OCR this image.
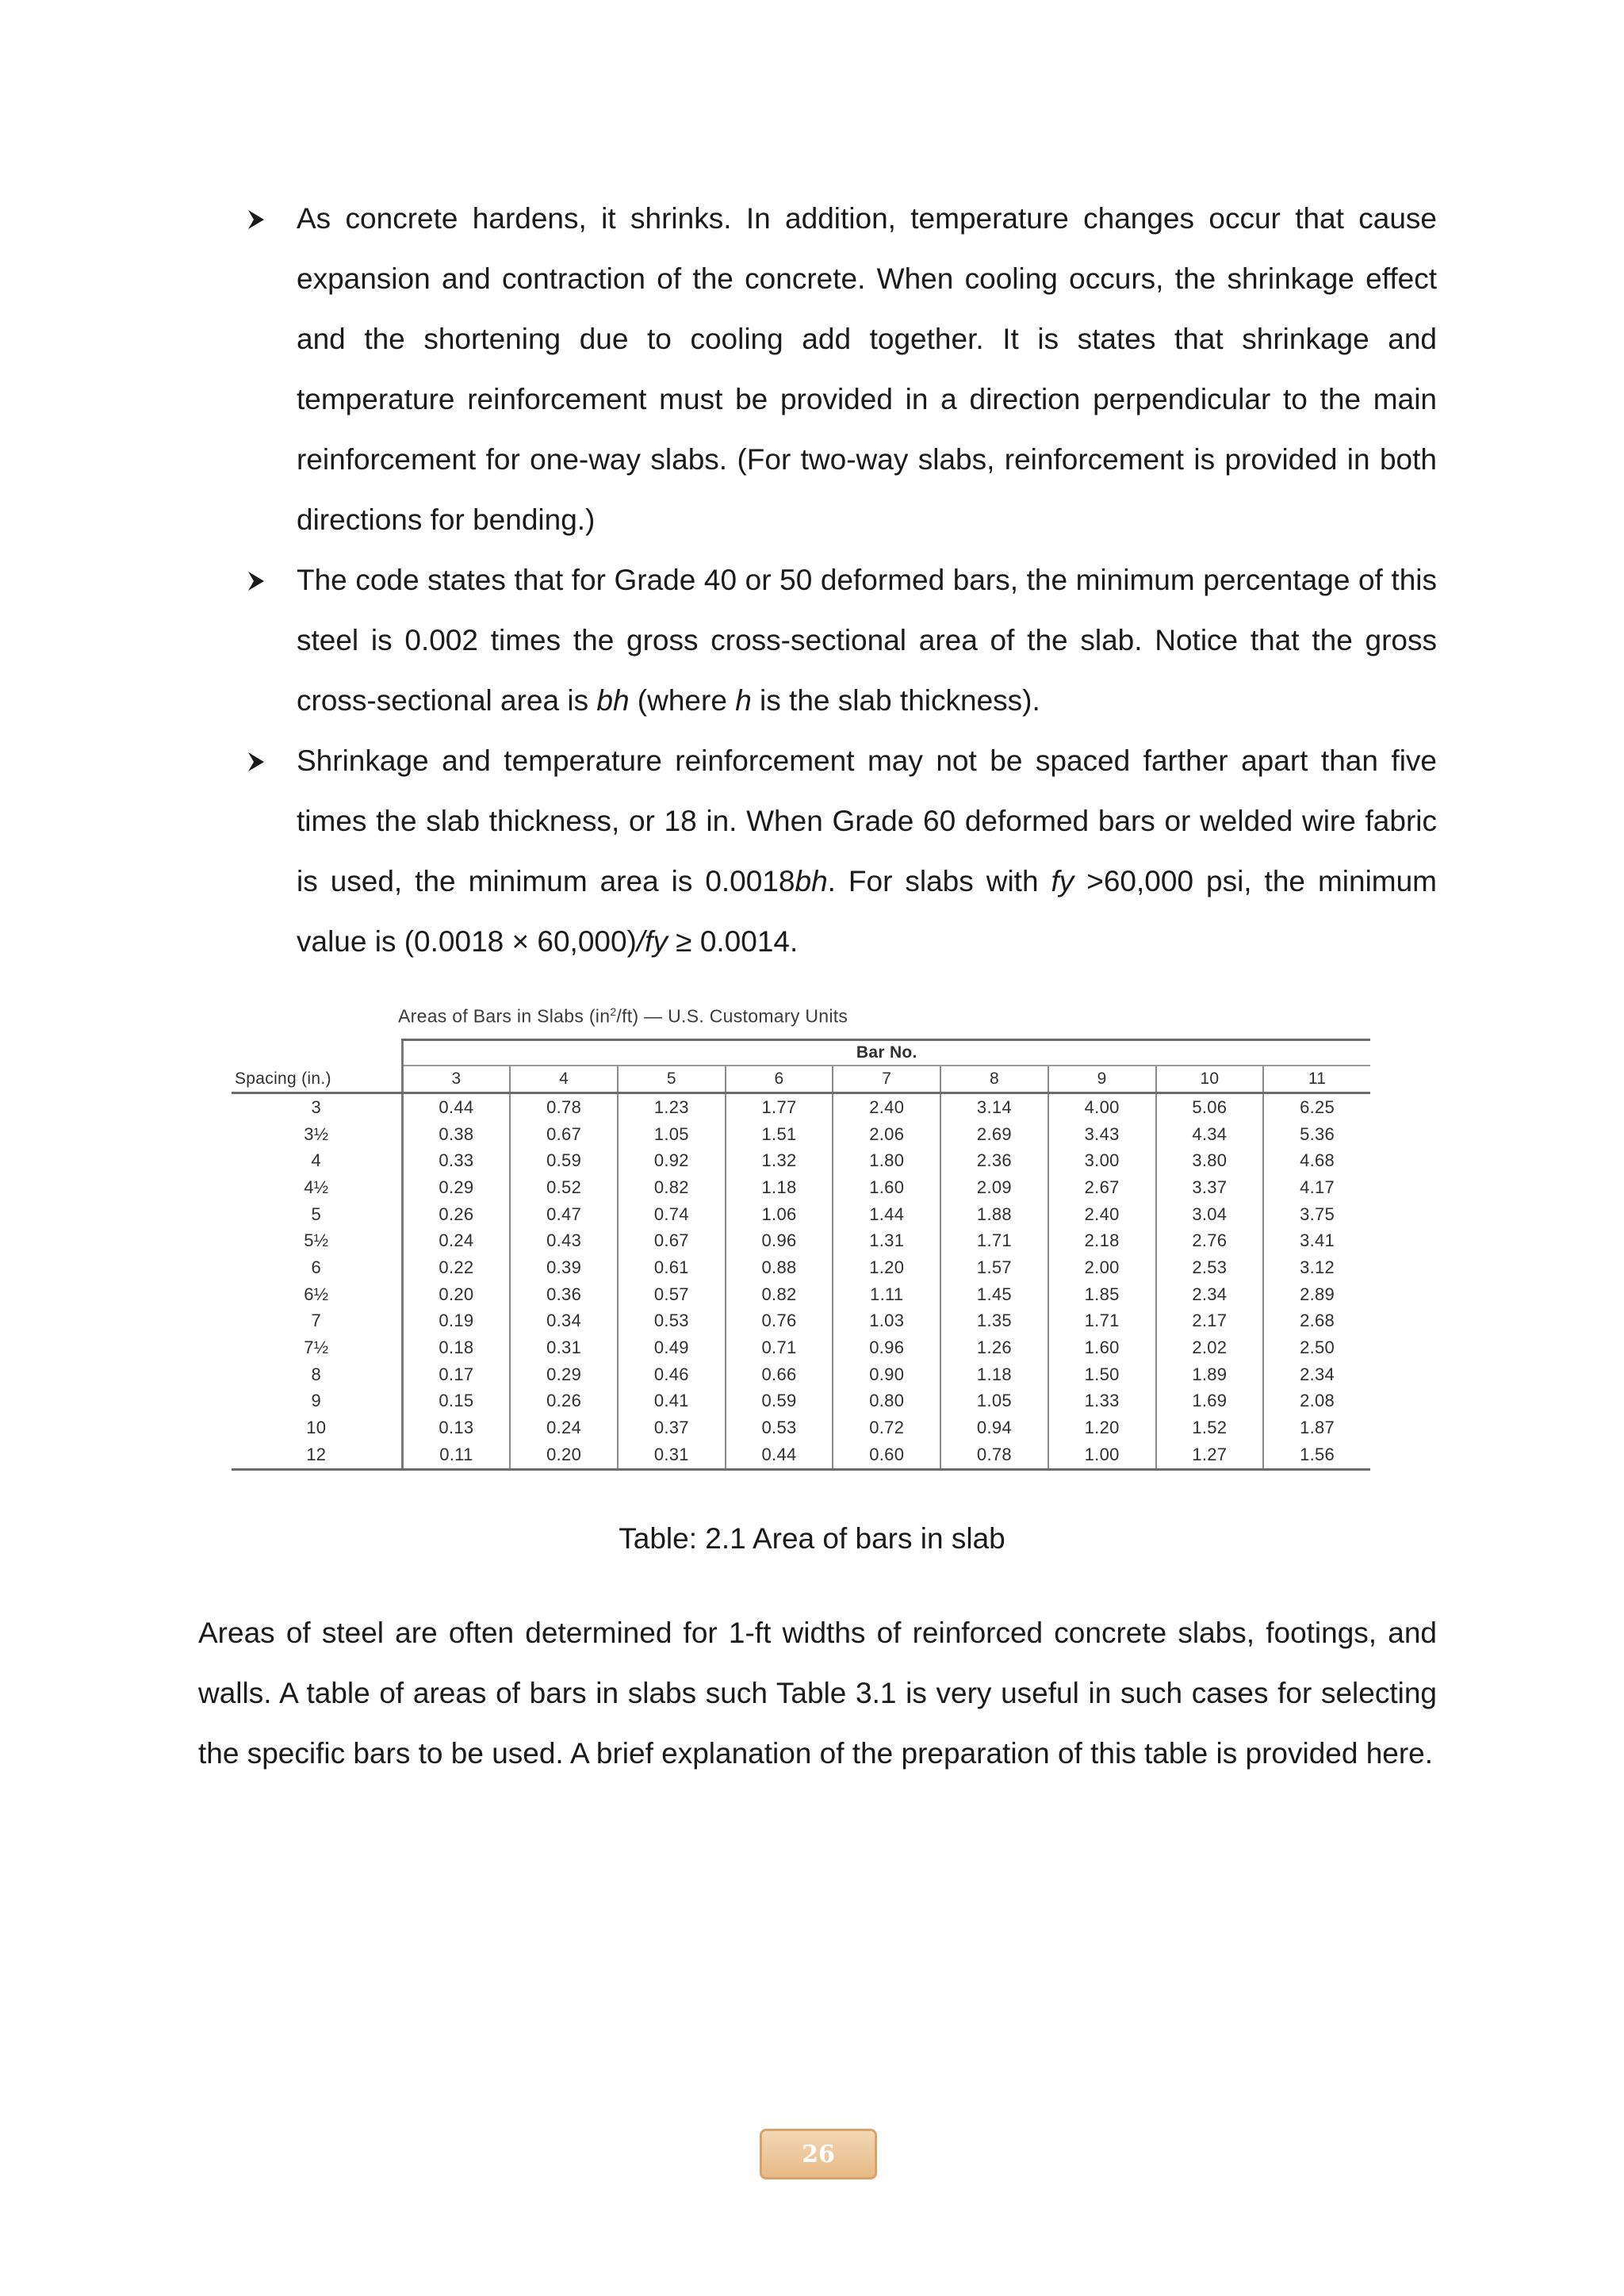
As concrete hardens, it shrinks. In addition, temperature changes occur that cause expansion and contraction of the concrete. When cooling occurs, the shrinkage effect and the shortening due to cooling add together. It is states that shrinkage and temperature reinforcement must be provided in a direction perpendicular to the main reinforcement for one-way slabs. (For two-way slabs, reinforcement is provided in both directions for bending.)

The code states that for Grade 40 or 50 deformed bars, the minimum percentage of this steel is 0.002 times the gross cross-sectional area of the slab. Notice that the gross cross-sectional area is bh (where h is the slab thickness).

Shrinkage and temperature reinforcement may not be spaced farther apart than five times the slab thickness, or 18 in. When Grade 60 deformed bars or welded wire fabric is used, the minimum area is 0.0018bh. For slabs with fy >60,000 psi, the minimum value is (0.0018 × 60,000)/fy ≥ 0.0014.

Areas of Bars in Slabs $(in^2/ft)$ — U.S. Customary Units
	Bar No.								
Spacing (in.)	3	4	5	6	7	8	9	10	11
3	0.44	0.78	1.23	1.77	2.40	3.14	4.00	5.06	6.25
3½	0.38	0.67	1.05	1.51	2.06	2.69	3.43	4.34	5.36
4	0.33	0.59	0.92	1.32	1.80	2.36	3.00	3.80	4.68
4½	0.29	0.52	0.82	1.18	1.60	2.09	2.67	3.37	4.17
5	0.26	0.47	0.74	1.06	1.44	1.88	2.40	3.04	3.75
5½	0.24	0.43	0.67	0.96	1.31	1.71	2.18	2.76	3.41
6	0.22	0.39	0.61	0.88	1.20	1.57	2.00	2.53	3.12
6½	0.20	0.36	0.57	0.82	1.11	1.45	1.85	2.34	2.89
7	0.19	0.34	0.53	0.76	1.03	1.35	1.71	2.17	2.68
7½	0.18	0.31	0.49	0.71	0.96	1.26	1.60	2.02	2.50
8	0.17	0.29	0.46	0.66	0.90	1.18	1.50	1.89	2.34
9	0.15	0.26	0.41	0.59	0.80	1.05	1.33	1.69	2.08
10	0.13	0.24	0.37	0.53	0.72	0.94	1.20	1.52	1.87
12	0.11	0.20	0.31	0.44	0.60	0.78	1.00	1.27	1.56

Table: 2.1 Area of bars in slab

Areas of steel are often determined for 1-ft widths of reinforced concrete slabs, footings, and walls. A table of areas of bars in slabs such Table 3.1 is very useful in such cases for selecting the specific bars to be used. A brief explanation of the preparation of this table is provided here.

26
